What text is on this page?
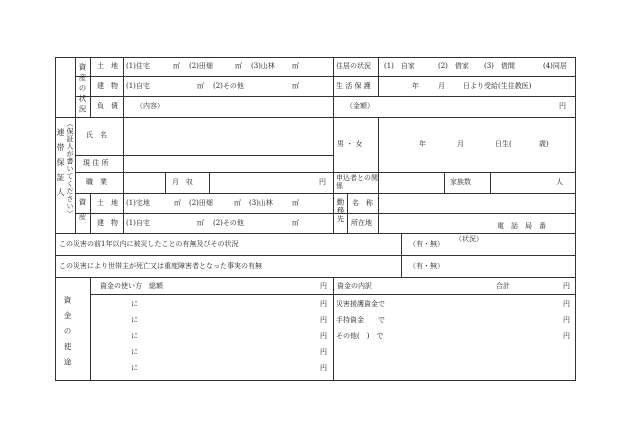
資産の状況 土　地 (1)住宅	㎡ (2)田畑	㎡ (3)山林 ㎡
建　物 (1)自宅	㎡ (2)その他	㎡
負　債	（内容）	（金額）	円
住居の状況 (1)　自家	(2)　借家 (3)　借間	(4)同居
生 活 保 護	年	月	日より受給(生住教医)
連帯保証人 （保証人が書いてください） 氏　名
男 ・ 女	年	月	日生(	歳)
現 住 所
職　業	月　収	円 申込者との関係	家族数	人
資産 土　地 (1)宅地	㎡ (2)田畑	㎡ (3)山林	㎡
建　物 (1)自宅	㎡ (2)その他	㎡	勤務先 名　称
所在地	電　話　局　番
この災害の前1年以内に被災したことの有無及びその状況	（有・無）
（状況）
この災害により世帯主が死亡又は重度障害者となった事実の有無	（有・無）
資金の使途
資金の使い方　総額	円
に	円
に	円
に	円
に	円
に	円
資金の内訳	合計	円
災害援護資金で	円
手持資金　　で	円
その他(　)　で	円
